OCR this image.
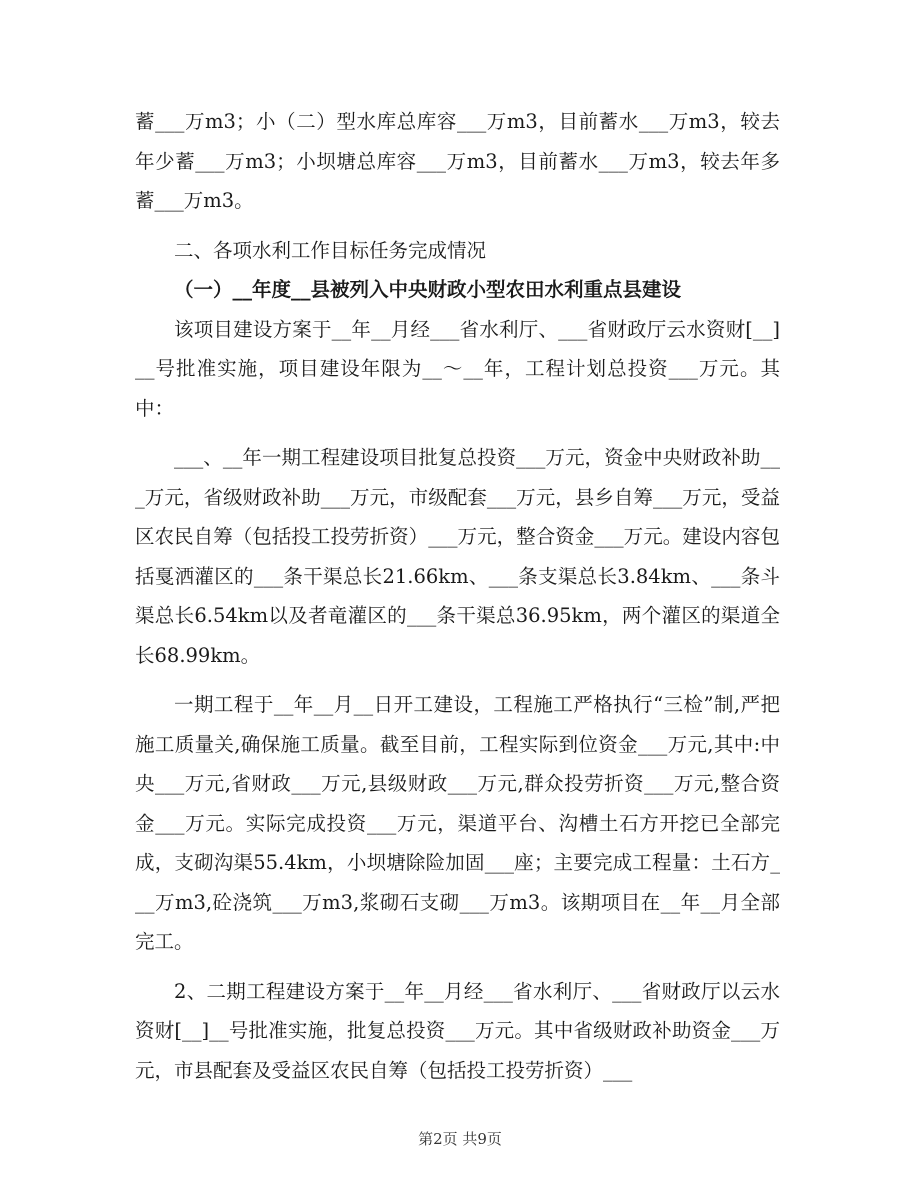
蓄___万m3；小（二）型水库总库容___万m3，目前蓄水___万m3，较去年少蓄___万m3；小坝塘总库容___万m3，目前蓄水___万m3，较去年多蓄___万m3。

二、各项水利工作目标任务完成情况

（一）__年度__县被列入中央财政小型农田水利重点县建设

该项目建设方案于__年__月经___省水利厅、___省财政厅云水资财[__]__号批准实施，项目建设年限为__～__年，工程计划总投资___万元。其中：

___、__年一期工程建设项目批复总投资___万元，资金中央财政补助___万元，省级财政补助___万元，市级配套___万元，县乡自筹___万元，受益区农民自筹（包括投工投劳折资）___万元，整合资金___万元。建设内容包括戛洒灌区的___条干渠总长21.66km、___条支渠总长3.84km、___条斗渠总长6.54km以及者竜灌区的___条干渠总36.95km，两个灌区的渠道全长68.99km。

一期工程于__年__月__日开工建设，工程施工严格执行“三检”制,严把施工质量关,确保施工质量。截至目前，工程实际到位资金___万元,其中:中央___万元,省财政___万元,县级财政___万元,群众投劳折资___万元,整合资金___万元。实际完成投资___万元，渠道平台、沟槽土石方开挖已全部完成，支砌沟渠55.4km，小坝塘除险加固___座；主要完成工程量：土石方___万m3,砼浇筑___万m3,浆砌石支砌___万m3。该期项目在__年__月全部完工。

2、二期工程建设方案于__年__月经___省水利厅、___省财政厅以云水资财[__]__号批准实施，批复总投资___万元。其中省级财政补助资金___万元，市县配套及受益区农民自筹（包括投工投劳折资）___

第2页 共9页
